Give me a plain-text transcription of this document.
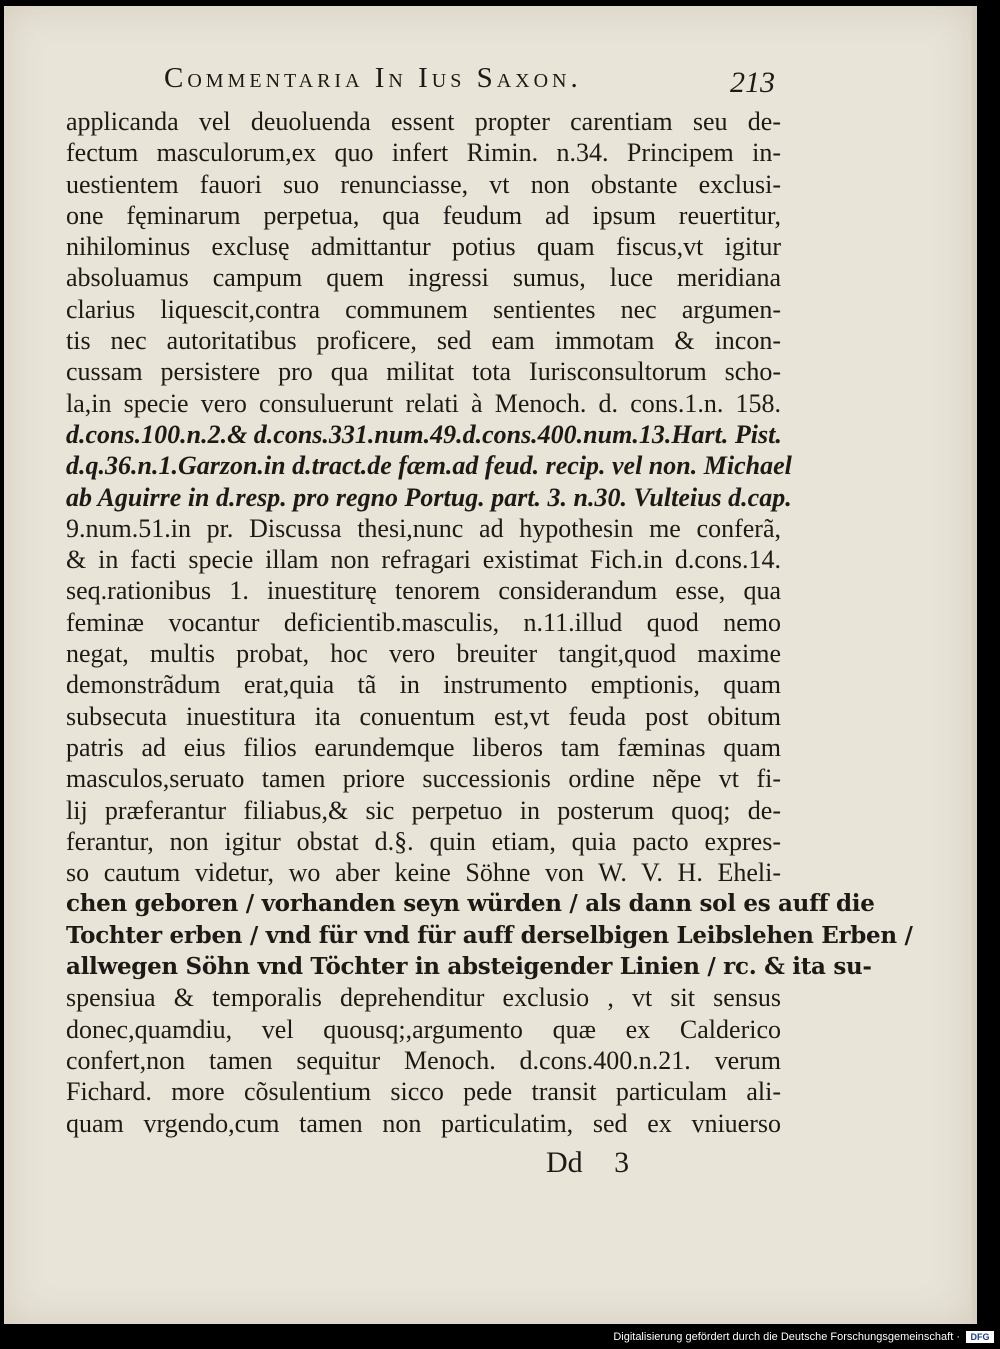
Commentaria In Ius Saxon.	213
applicanda vel deuoluenda essent propter carentiam seu de-
fectum masculorum,ex quo infert Rimin. n.34. Principem in-
uestientem fauori suo renunciasse, vt non obstante exclusi-
one fęminarum perpetua, qua feudum ad ipsum reuertitur,
nihilominus exclusę admittantur potius quam fiscus,vt igitur
absoluamus campum quem ingressi sumus, luce meridiana
clarius liquescit,contra communem sentientes nec argumen-
tis nec autoritatibus proficere, sed eam immotam & incon-
cussam persistere pro qua militat tota Iurisconsultorum scho-
la,in specie vero consuluerunt relati à Menoch. d. cons.1.n. 158.
d.cons.100.n.2.& d.cons.331.num.49.d.cons.400.num.13.Hart. Pist.
d.q.36.n.1.Garzon.in d.tract.de fæm.ad feud. recip. vel non. Michael
ab Aguirre in d.resp. pro regno Portug. part. 3. n.30. Vulteius d.cap.
9.num.51.in pr. Discussa thesi,nunc ad hypothesin me conferã,
& in facti specie illam non refragari existimat Fich.in d.cons.14.
seq.rationibus 1. inuestiturę tenorem considerandum esse, qua
feminæ vocantur deficientib.masculis, n.11.illud quod nemo
negat, multis probat, hoc vero breuiter tangit,quod maxime
demonstrãdum erat,quia tã in instrumento emptionis, quam
subsecuta inuestitura ita conuentum est,vt feuda post obitum
patris ad eius filios earundemque liberos tam fæminas quam
masculos,seruato tamen priore successionis ordine nẽpe vt fi-
lij præferantur filiabus,& sic perpetuo in posterum quoq; de-
ferantur, non igitur obstat d.§. quin etiam, quia pacto expres-
so cautum videtur, wo aber keine Söhne von W. V. H. Eheli-
chen geboren / vorhanden seyn würden / als dann sol es auff die
Tochter erben / vnd für vnd für auff derselbigen Leibslehen Erben /
allwegen Söhn vnd Töchter in absteigender Linien / rc. & ita su-
spensiua & temporalis deprehenditur exclusio , vt sit sensus
donec,quamdiu, vel quousq;,argumento quæ ex Calderico
confert,non tamen sequitur Menoch. d.cons.400.n.21. verum
Fichard. more cõsulentium sicco pede transit particulam ali-
quam vrgendo,cum tamen non particulatim, sed ex vniuerso
Dd 3
Digitalisierung gefördert durch die Deutsche Forschungsgemeinschaft ·	DFG
